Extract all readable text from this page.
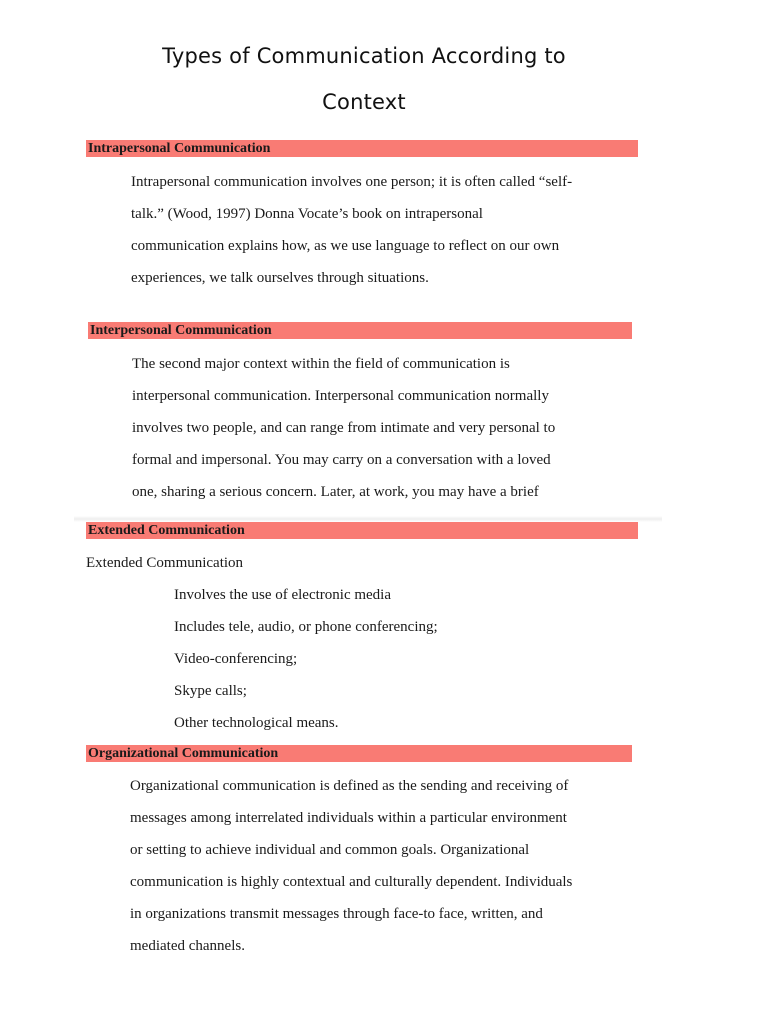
Types of Communication According to
Context
Intrapersonal Communication
Intrapersonal communication involves one person; it is often called “self-
talk.” (Wood, 1997) Donna Vocate’s book on intrapersonal
communication explains how, as we use language to reflect on our own
experiences, we talk ourselves through situations.
Interpersonal Communication
The second major context within the field of communication is
interpersonal communication. Interpersonal communication normally
involves two people, and can range from intimate and very personal to
formal and impersonal. You may carry on a conversation with a loved
one, sharing a serious concern. Later, at work, you may have a brief
Extended Communication
Extended Communication
Involves the use of electronic media
Includes tele, audio, or phone conferencing;
Video-conferencing;
Skype calls;
Other technological means.
Organizational Communication
Organizational communication is defined as the sending and receiving of
messages among interrelated individuals within a particular environment
or setting to achieve individual and common goals. Organizational
communication is highly contextual and culturally dependent. Individuals
in organizations transmit messages through face-to face, written, and
mediated channels.
